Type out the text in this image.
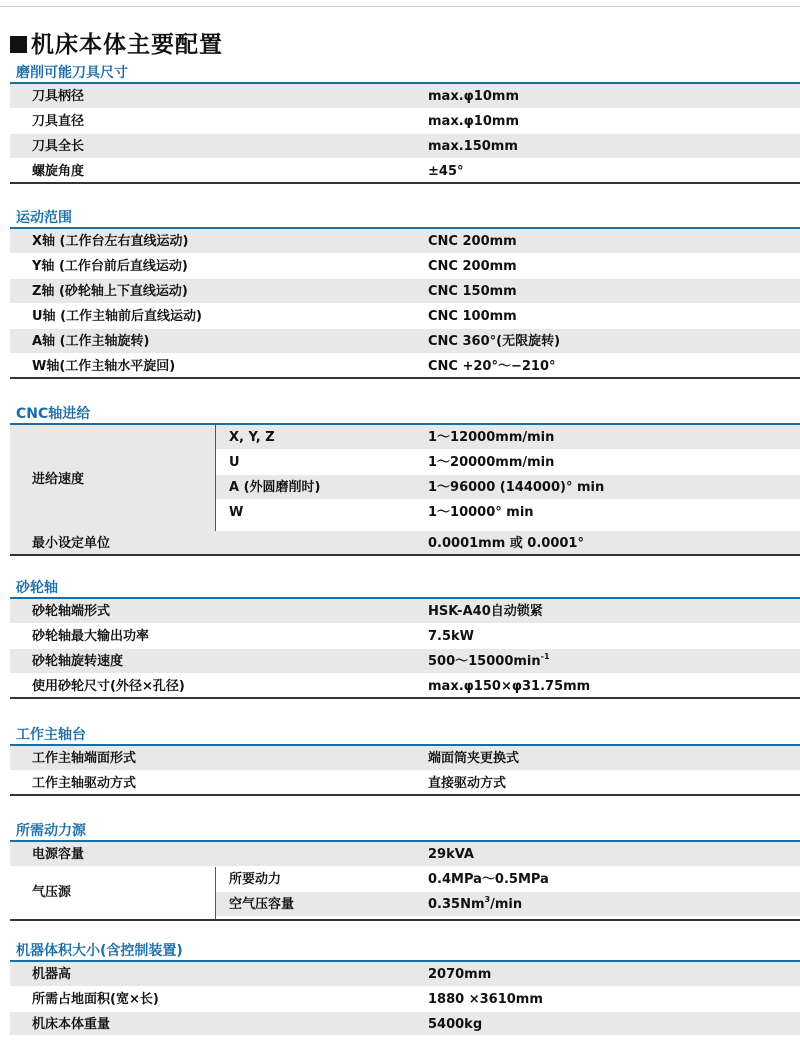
机床本体主要配置
磨削可能刀具尺寸
刀具柄径	max.φ10mm
刀具直径	max.φ10mm
刀具全长	max.150mm
螺旋角度	±45°
运动范围
X轴 (工作台左右直线运动)	CNC 200mm
Y轴 (工作台前后直线运动)	CNC 200mm
Z轴 (砂轮轴上下直线运动)	CNC 150mm
U轴 (工作主轴前后直线运动)	CNC 100mm
A轴 (工作主轴旋转)	CNC 360°(无限旋转)
W轴(工作主轴水平旋回)	CNC +20°～−210°
CNC轴进给
进给速度
X, Y, Z	1～12000mm/min
U	1～20000mm/min
A (外圆磨削时)	1～96000 (144000)° min
W	1～10000° min
最小设定单位	0.0001mm 或 0.0001°
砂轮轴
砂轮轴端形式	HSK-A40自动锁紧
砂轮轴最大输出功率	7.5kW
砂轮轴旋转速度	$500\sim 15000\min^{-1}$
使用砂轮尺寸(外径×孔径)	max.φ150×φ31.75mm
工作主轴台
工作主轴端面形式	端面筒夹更换式
工作主轴驱动方式	直接驱动方式
所需动力源
电源容量	29kVA
气压源
所要动力	0.4MPa～0.5MPa
空气压容量	0.35Nm$^3$/min
机器体积大小(含控制装置)
机器高	2070mm
所需占地面积(宽×长)	1880 ×3610mm
机床本体重量	5400kg
